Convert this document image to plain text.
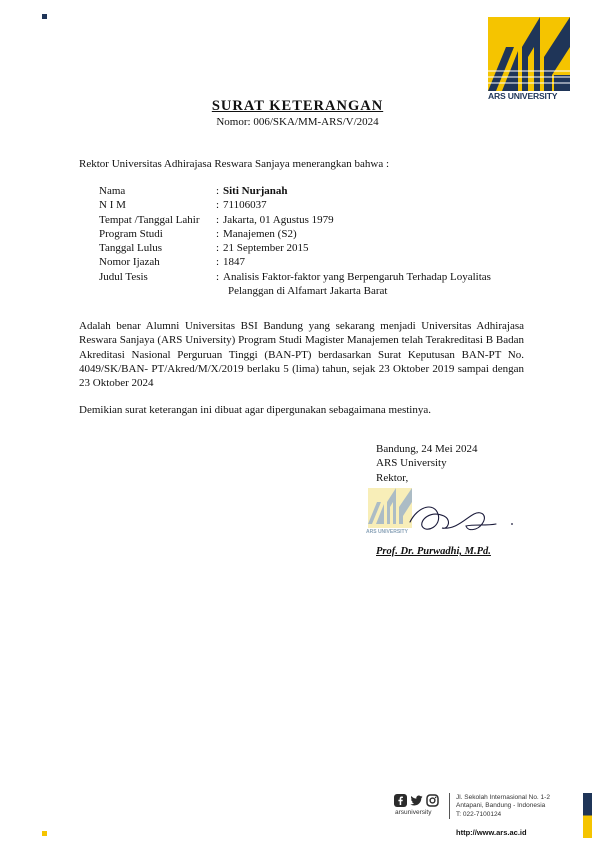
ARS UNIVERSITY
SURAT KETERANGAN
Nomor: 006/SKA/MM-ARS/V/2024
Rektor Universitas Adhirajasa Reswara Sanjaya menerangkan bahwa :
Nama	: Siti Nurjanah
N I M	: 71106037
Tempat /Tanggal Lahir	: Jakarta, 01 Agustus 1979
Program Studi	: Manajemen (S2)
Tanggal Lulus	: 21 September 2015
Nomor Ijazah	: 1847
Judul Tesis	: Analisis Faktor-faktor yang Berpengaruh Terhadap Loyalitas
Pelanggan di Alfamart Jakarta Barat
Adalah benar Alumni Universitas BSI Bandung yang sekarang menjadi Universitas Adhirajasa Reswara Sanjaya (ARS University) Program Studi Magister Manajemen telah Terakreditasi B Badan Akreditasi Nasional Perguruan Tinggi (BAN-PT) berdasarkan Surat Keputusan BAN-PT No. 4049/SK/BAN- PT/Akred/M/X/2019 berlaku 5 (lima) tahun, sejak 23 Oktober 2019 sampai dengan 23 Oktober 2024
Demikian surat keterangan ini dibuat agar dipergunakan sebagaimana mestinya.
Bandung, 24 Mei 2024
ARS University
Rektor,
ARS UNIVERSITY
Prof. Dr. Purwadhi, M.Pd.
arsuniversity
Jl. Sekolah Internasional No. 1-2
Antapani, Bandung - Indonesia
T: 022-7100124
http://www.ars.ac.id
